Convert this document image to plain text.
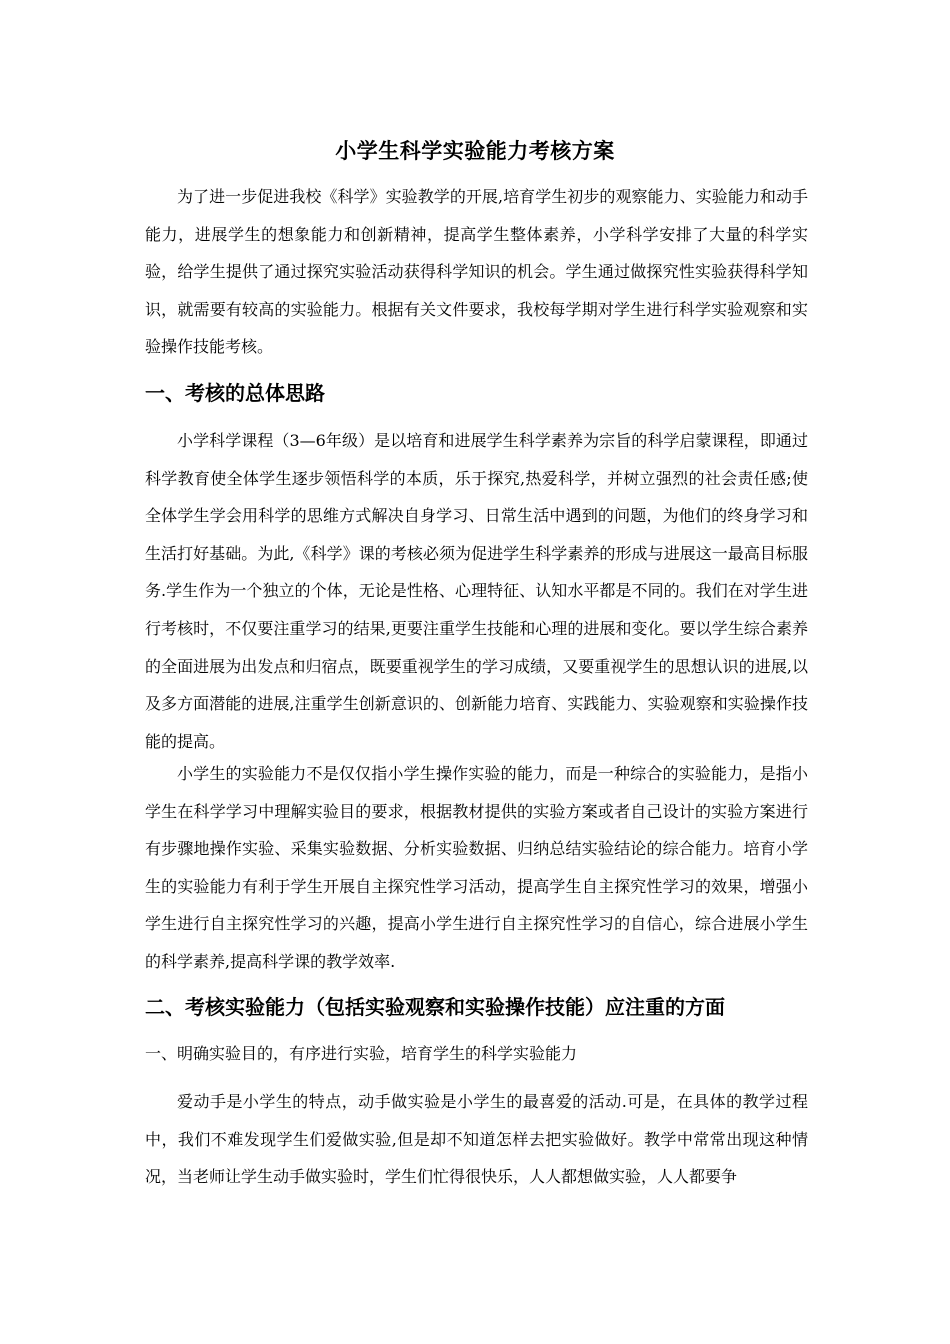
小学生科学实验能力考核方案

为了进一步促进我校《科学》实验教学的开展,培育学生初步的观察能力、实验能力和动手能力，进展学生的想象能力和创新精神，提高学生整体素养，小学科学安排了大量的科学实验，给学生提供了通过探究实验活动获得科学知识的机会。学生通过做探究性实验获得科学知识，就需要有较高的实验能力。根据有关文件要求，我校每学期对学生进行科学实验观察和实验操作技能考核。

一、考核的总体思路

小学科学课程（3—6年级）是以培育和进展学生科学素养为宗旨的科学启蒙课程，即通过科学教育使全体学生逐步领悟科学的本质，乐于探究,热爱科学，并树立强烈的社会责任感;使全体学生学会用科学的思维方式解决自身学习、日常生活中遇到的问题，为他们的终身学习和生活打好基础。为此,《科学》课的考核必须为促进学生科学素养的形成与进展这一最高目标服务.学生作为一个独立的个体，无论是性格、心理特征、认知水平都是不同的。我们在对学生进行考核时，不仅要注重学习的结果,更要注重学生技能和心理的进展和变化。要以学生综合素养的全面进展为出发点和归宿点，既要重视学生的学习成绩，又要重视学生的思想认识的进展,以及多方面潜能的进展,注重学生创新意识的、创新能力培育、实践能力、实验观察和实验操作技能的提高。

小学生的实验能力不是仅仅指小学生操作实验的能力，而是一种综合的实验能力，是指小学生在科学学习中理解实验目的要求，根据教材提供的实验方案或者自己设计的实验方案进行有步骤地操作实验、采集实验数据、分析实验数据、归纳总结实验结论的综合能力。培育小学生的实验能力有利于学生开展自主探究性学习活动，提高学生自主探究性学习的效果，增强小学生进行自主探究性学习的兴趣，提高小学生进行自主探究性学习的自信心，综合进展小学生的科学素养,提高科学课的教学效率.

二、考核实验能力（包括实验观察和实验操作技能）应注重的方面
一、明确实验目的，有序进行实验，培育学生的科学实验能力

爱动手是小学生的特点，动手做实验是小学生的最喜爱的活动.可是，在具体的教学过程中，我们不难发现学生们爱做实验,但是却不知道怎样去把实验做好。教学中常常出现这种情况，当老师让学生动手做实验时，学生们忙得很快乐，人人都想做实验，人人都要争
